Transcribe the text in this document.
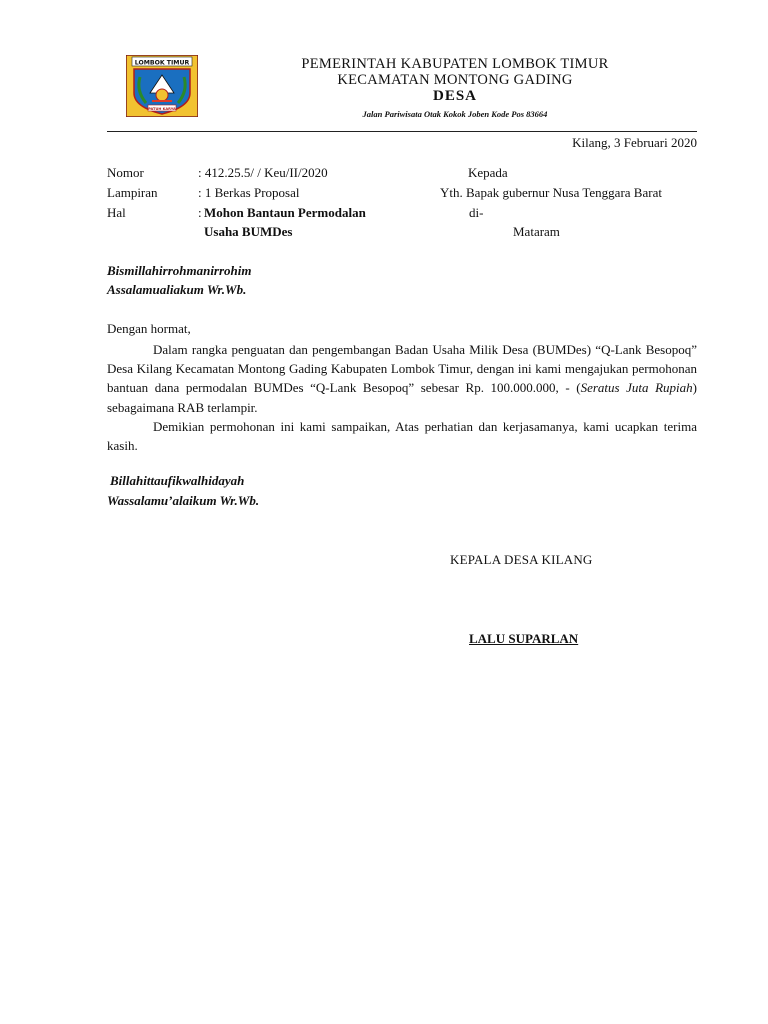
LOMBOK TIMUR
PATUH KARYA
PEMERINTAH KABUPATEN LOMBOK TIMUR
KECAMATAN MONTONG GADING
DESA
Jalan Pariwisata Otak Kokok Joben Kode Pos 83664
Kilang, 3 Februari 2020
Nomor	: 412.25.5/ / Keu/II/2020
Lampiran	: 1 Berkas Proposal
Hal	: Mohon Bantaun Permodalan
Usaha BUMDes
Kepada
Yth. Bapak gubernur Nusa Tenggara Barat
di-
Mataram
Bismillahirrohmanirrohim
Assalamualiakum Wr.Wb.
Dengan hormat,
Dalam rangka penguatan dan pengembangan Badan Usaha Milik Desa (BUMDes) “Q-Lank Besopoq” Desa Kilang Kecamatan Montong Gading Kabupaten Lombok Timur, dengan ini kami mengajukan permohonan bantuan dana permodalan BUMDes “Q-Lank Besopoq” sebesar Rp. 100.000.000, - (Seratus Juta Rupiah) sebagaimana RAB terlampir.
Demikian permohonan ini kami sampaikan, Atas perhatian dan kerjasamanya, kami ucapkan terima kasih.
Billahittaufikwalhidayah
Wassalamu’alaikum Wr.Wb.
KEPALA DESA KILANG
LALU SUPARLAN
